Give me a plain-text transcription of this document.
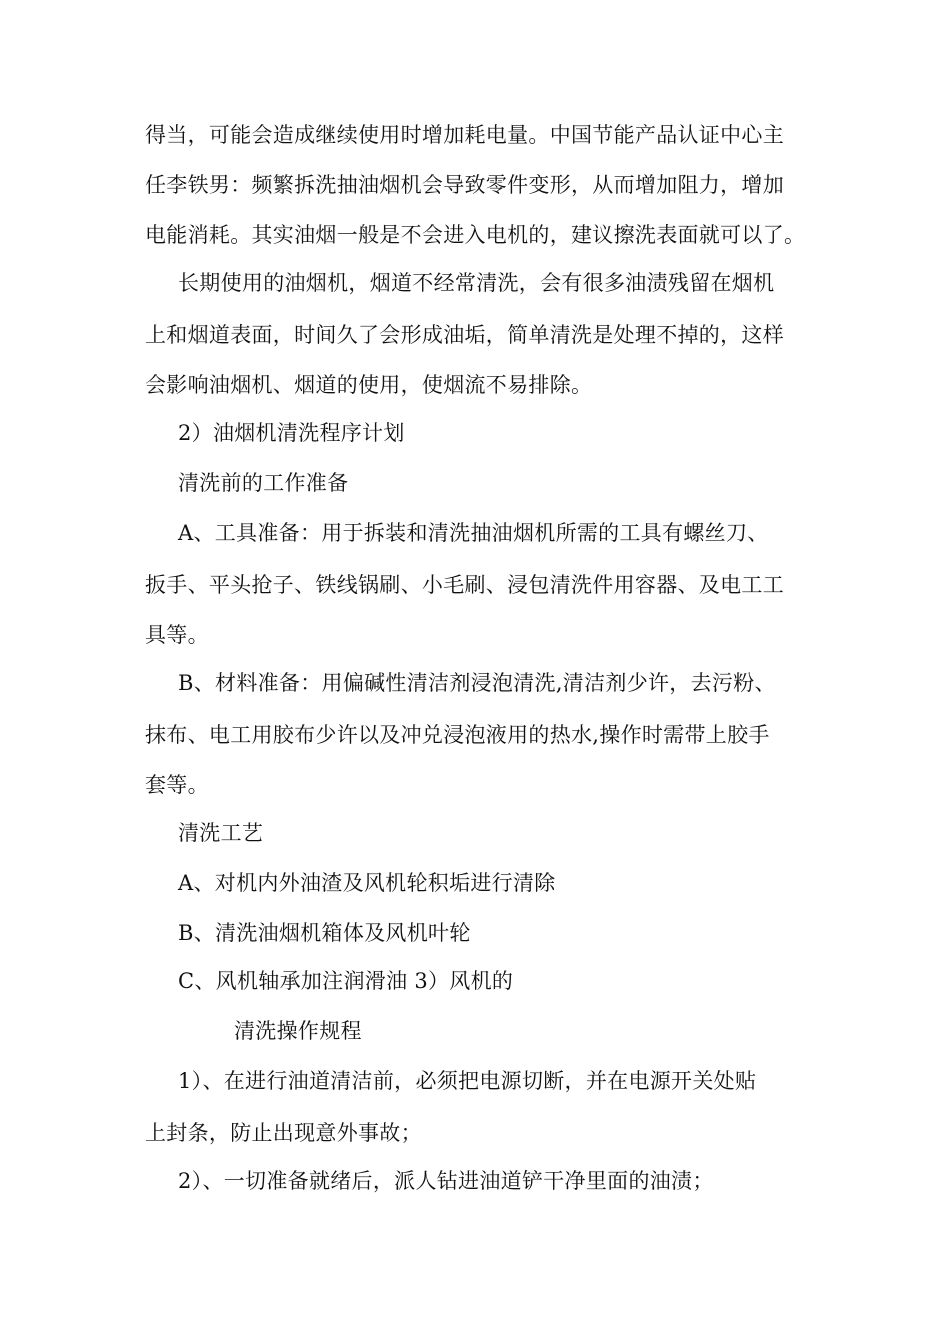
得当，可能会造成继续使用时增加耗电量。中国节能产品认证中心主
任李铁男：频繁拆洗抽油烟机会导致零件变形，从而增加阻力，增加
电能消耗。其实油烟一般是不会进入电机的，建议擦洗表面就可以了。
长期使用的油烟机，烟道不经常清洗，会有很多油渍残留在烟机
上和烟道表面，时间久了会形成油垢，简单清洗是处理不掉的，这样
会影响油烟机、烟道的使用，使烟流不易排除。
2）油烟机清洗程序计划
清洗前的工作准备
A、工具准备：用于拆装和清洗抽油烟机所需的工具有螺丝刀、
扳手、平头抢子、铁线锅刷、小毛刷、浸包清洗件用容器、及电工工
具等。
B、材料准备：用偏碱性清洁剂浸泡清洗,清洁剂少许，去污粉、
抹布、电工用胶布少许以及冲兑浸泡液用的热水,操作时需带上胶手
套等。
清洗工艺
A、对机内外油渣及风机轮积垢进行清除
B、清洗油烟机箱体及风机叶轮
C、风机轴承加注润滑油 3）风机的
清洗操作规程
1）、在进行油道清洁前，必须把电源切断，并在电源开关处贴
上封条，防止出现意外事故；
2）、一切准备就绪后，派人钻进油道铲干净里面的油渍；
